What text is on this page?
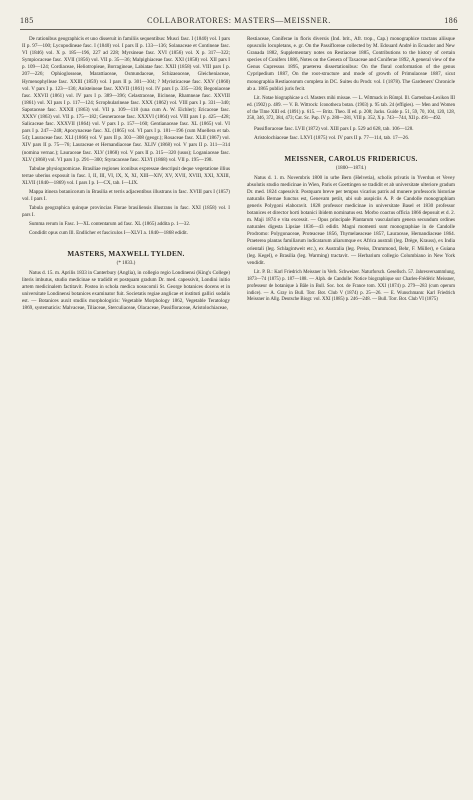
185	COLLABORATORES: MASTERS—MEISSNER.	186

De rationibus geographicis et uno disseruit in familiis sequentibus: Musci fasc. I (1840) vol. I pars II p. 97—100; Lycopodineae fasc. I (1840) vol. I pars II p. 133—136; Solanaceae et Contineae fasc. VI (1846) vol. X p. 185—196, 227 ad 228; Myrsineae fasc. XVI (1856) vol. X p. 317—322; Sympiocaceae fasc. XVII (1856) vol. VII p. 35—36; Malpighiaceae fasc. XXI (1858) vol. XII pars I p. 109—124; Cordiaceae, Heliotropieae, Borragineae, Labiatae fasc. XXII (1858) vol. VIII pars I p. 207—226; Ophioglosseae, Marattiaceae, Osmundaceae, Schizaeaceae, Gleicheniaceae, Hymenophylleae fasc. XXIII (1859) vol. I pars II p. 301—304; ? Myristicaceae fasc. XXV (1860) vol. V pars I p. 123—136; Anisteineae fasc. XXVII (1861) vol. IV pars I p. 335—336; Begoniaceae fasc. XXVII (1861) vol. IV pars I p. 389—396; Celastraceae, Ilicineae, Rhamneae fasc. XXVIII (1861) vol. XI pars I p. 117—124; Scrophularineae fasc. XXX (1862) vol. VIII pars I p. 331—340; Sapotaceae fasc. XXXII (1863) vol. VII p. 109—118 (una cum A. W. Eichler); Ericaceae fasc. XXXV (1863) vol. VII p. 175—182; Gesneraceae fasc. XXXVI (1864) vol. VIII pars I p. 425—428; Salicaceae fasc. XXXVII (1864) vol. V pars I p. 157—160; Gentianaceae fasc. XL (1865) vol. VI pars I p. 247—248; Apocynaceae fasc. XL (1865) vol. VI pars I p. 181—196 (cum Muellera et tab. 54); Lauraceae fasc. XLI (1866) vol. V pars II p. 303—308 (geogr.); Rosaceae fasc. XLII (1867) vol. XIV pars II p. 75—76; Lauraceae et Hernandiaceae fasc. XLIV (1868) vol. V pars II p. 311—314 (nomina vernac.); Lauraceae fasc. XLV (1868) vol. V pars II p. 315—320 (usus); Loganiaceae fasc. XLV (1868) vol. VI pars I p. 291—300; Styracaceae fasc. XLVI (1868) vol. VII p. 195—198.

Tabulae physiognomicae. Brasiliae regiones iconibus expressae descripsit deque vegetatione illius terrae uberius exposuit in fasc. I, II, III, VI, IX, X, XI, XIII—XIV, XV, XVII, XVIII, XXI, XXIII, XLVII (1840—1869) vol. I pars I p. I—CX, tab. I—LIX.

Mappa itinera botanicorum in Brasilia et terris adjacentibus illustrans in fasc. XVIII pars I (1857) vol. I pars I.

Tabula geographica quinque provincias Florae brasiliensis illustrans in fasc. XXI (1858) vol. I pars I.

Summa rerum in Fasc. I—XL contentarum ad fasc. XL (1865) addita p. 1—32.

Condidit opus cum Ill. Endlicher et fasciculos I—XLVI a. 1840—1868 edidit.

MASTERS, MAXWELL TYLDEN.
(* 1833.)

Natus d. 15. m. Aprilis 1833 in Canterbury (Anglia), in collegio regio Londinensi (King's College) literis imbutus, studio medicinae se tradidit et postquam gradum Dr. med. capessivit, Londini initio artem medicinalem factitavit. Postea in schola medica nosocomii St. George botanices docens et in universitate Londinensi botanices examinator fuit. Societatis regiae anglicae et instituti gallici sodalis est. — Botanices auxit studiis morphologicis: Vegetable Morphology 1862, Vegetable Teratology 1869, systematicis: Malvaceae, Tiliaceae, Sterculiaceae, Olacaceae, Passifloraceae, Aristolochiaceae,

Restiaceae, Coniferae in floris diversis (Ind. brit., Afr. trop., Cap.) monographice tractans aliisque opusculis locupletans, e. gr. On the Passifloreae collected by M. Edouard André in Ecuador and New Granada 1882, Supplementary notes on Restiaceae 1885, Contributions to the history of certain species of Conifers 1886, Notes on the Genera of Taxaceae and Coniferae 1892, A general view of the Genus Cupressus 1895, praeterea dissertationibus: On the floral conformation of the genus Cypripedium 1887, On the root-structure and mode of growth of Primulaceae 1887, sicut monographia Restiacearum completa in DC. Suites du Prodr. vol. I (1878). The Gardeners' Chronicle ab a. 1865 publici juris fecit.

Lit. Notae biographicae a cl. Masters mihi missae. — L. Wittmack in Rümpl. Ill. Gartenbau-Lexikon III ed. (1902) p. 489. — V. B. Wittrock: Iconotheca botan. (1903) p. 95 tab. 24 (effigies). — Men and Women of the Time XIII ed. (1891) p. 615. — Britz. Theo. II ed. p. 208; Jacks. Guide p. 51, 59, 70, 104, 120, 128, 258, 346, 372, 384, 473; Cat. Sc. Pap. IV p. 280—281, VIII p. 352, X p. 743—744, XII p. 491—492.

Passifloraceae fasc. LVII (1872) vol. XIII pars I p. 529 ad 628, tab. 106—128.

Aristolochiaceae fasc. LXVI (1875) vol. IV pars II p. 77—114, tab. 17—26.

MEISSNER, CAROLUS FRIDERICUS.
(1800—1874.)

Natus d. 1. m. Novembris 1800 in urbe Bern (Helvetia), scholis privatis in Yverdun et Vevey absolutis studio medicinae in Wien, Paris et Goettingen se tradidit et ab universitate ulteriore gradum Dr. med. 1824 capessivit. Postquam breve per tempus vicarius patris ad munere professoris historiae naturalis Bernae functus est, Genevam petiit, ubi sub auspiciis A. P. de Candolle monographiam generis Polygoni elaboravit. 1828 professor medicinae in universitate Basel et 1830 professor botanices et director horti botanici ibidem nominatus est. Morbo coactus officia 1866 deposuit et d. 2. m. Maji 1874 e vita excessit. — Opus principale Plantarum vascularium genera secundum ordines naturales digesta Lipsiae 1836—43 edidit. Magni momenti sunt monographiae in de Candolle Prodromo: Polygonaceae, Proteaceae 1856, Thymelaeaceae 1857, Lauraceae, Hernandiaceae 1864. Praeterea plantas familiarum indicatarum aliarumque ex Africa australi (leg. Drège, Krauss), ex India orientali (leg. Schlagintweit etc.), ex Australia (leg. Preiss, Drummond, Behr, F. Müller), e Guiana (leg. Kegel), e Brasilia (leg. Warming) tractavit. — Herbarium collegio Columbiano in New York vendidit.

Lit. P. B.: Karl Friedrich Meissner in Verh. Schweizer. Naturforsch. Gesellsch. 57. Jahresversammlung, 1873—74 (1875) p. 187—188. — Alph. de Candolle: Notice biographique sur Charles-Frédéric Meissner, professeur de botanique à Bâle in Bull. Soc. bot. de France tom. XXI (1874) p. 279—283 (cum operum indice). — A. Gray in Bull. Torr. Bot. Club V (1874) p. 25—26. — E. Wunschmann: Karl Friedrich Meissner in Allg. Deutsche Biogr. vol. XXI (1885) p. 246—248. — Bull. Torr. Bot. Club VI (1875)
